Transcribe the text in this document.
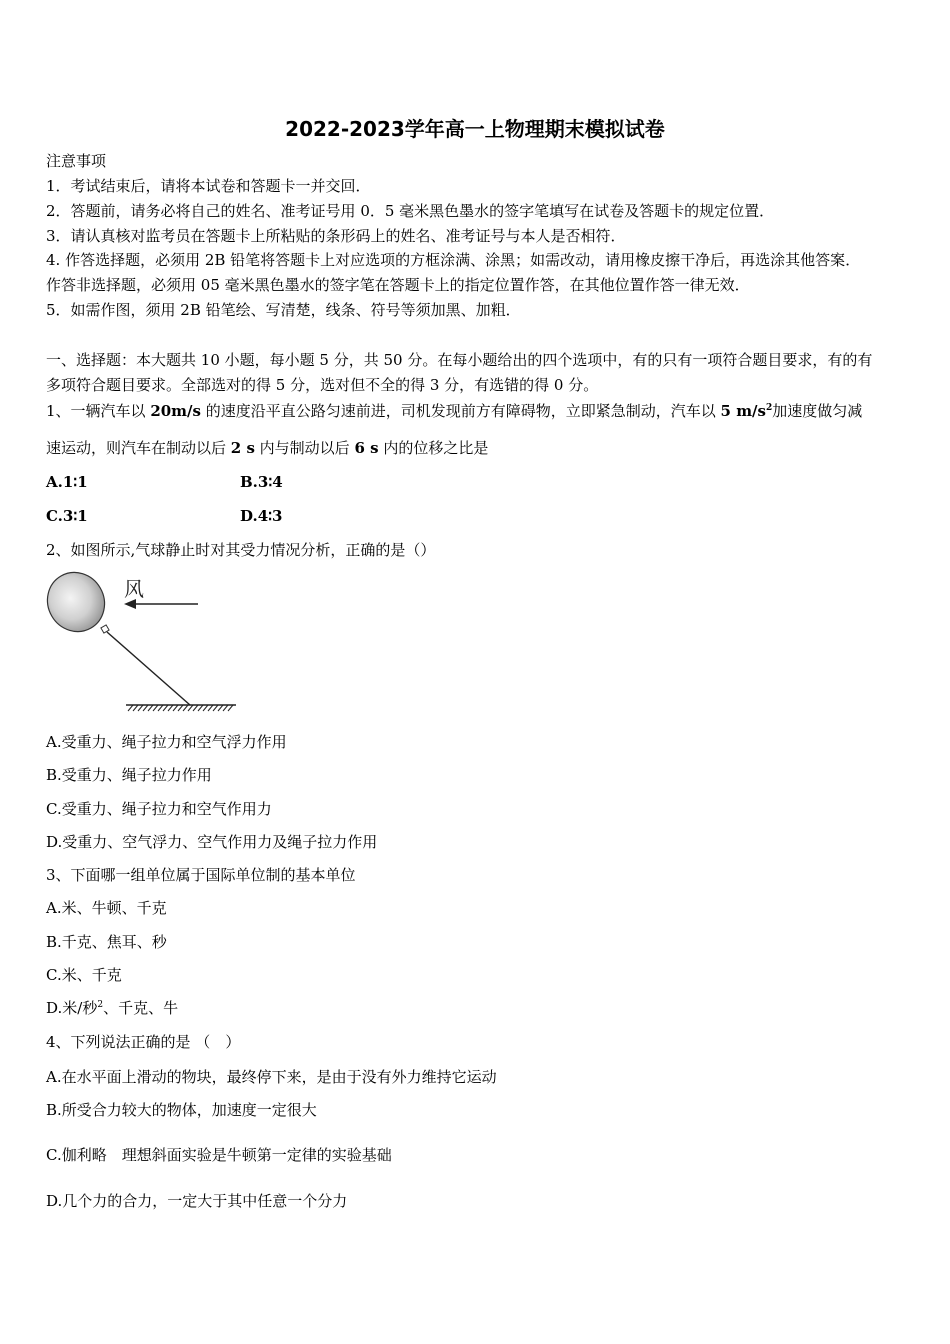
2022-2023学年高一上物理期末模拟试卷
注意事项
1．考试结束后，请将本试卷和答题卡一并交回．
2．答题前，请务必将自己的姓名、准考证号用 0．5 毫米黑色墨水的签字笔填写在试卷及答题卡的规定位置．
3．请认真核对监考员在答题卡上所粘贴的条形码上的姓名、准考证号与本人是否相符．
4. 作答选择题，必须用 2B 铅笔将答题卡上对应选项的方框涂满、涂黑；如需改动，请用橡皮擦干净后，再选涂其他答案．
作答非选择题，必须用 05 毫米黑色墨水的签字笔在答题卡上的指定位置作答，在其他位置作答一律无效．
5．如需作图，须用 2B 铅笔绘、写清楚，线条、符号等须加黑、加粗．
一、选择题：本大题共 10 小题，每小题 5 分，共 50 分。在每小题给出的四个选项中，有的只有一项符合题目要求，有的有
多项符合题目要求。全部选对的得 5 分，选对但不全的得 3 分，有选错的得 0 分。
1、一辆汽车以 20m/s 的速度沿平直公路匀速前进，司机发现前方有障碍物，立即紧急制动，汽车以 5 $m/s^2$加速度做匀减
速运动，则汽车在制动以后 2 s 内与制动以后 6 s 内的位移之比是
A.1∶1	B.3∶4
C.3∶1	D.4∶3
2、如图所示,气球静止时对其受力情况分析，正确的是（）
风
A.受重力、绳子拉力和空气浮力作用
B.受重力、绳子拉力作用
C.受重力、绳子拉力和空气作用力
D.受重力、空气浮力、空气作用力及绳子拉力作用
3、下面哪一组单位属于国际单位制的基本单位
A.米、牛顿、千克
B.千克、焦耳、秒
C.米、千克
D.米/秒$^2$、千克、牛
4、下列说法正确的是 （　）
A.在水平面上滑动的物块，最终停下来，是由于没有外力维持它运动
B.所受合力较大的物体，加速度一定很大
C.伽利略　理想斜面实验是牛顿第一定律的实验基础
D.几个力的合力，一定大于其中任意一个分力
